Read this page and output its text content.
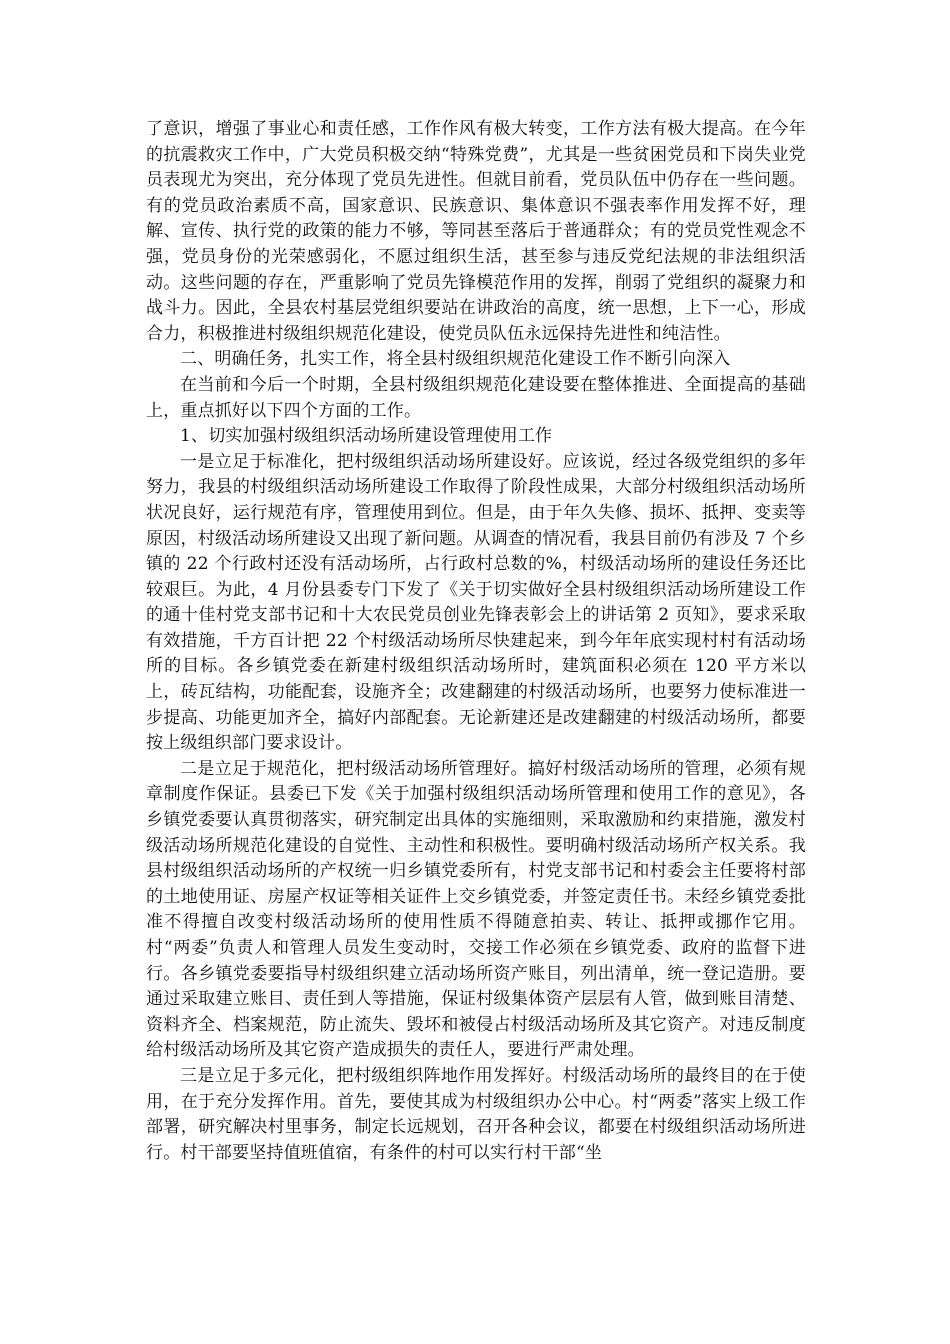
了意识，增强了事业心和责任感，工作作风有极大转变，工作方法有极大提高。在今年的抗震救灾工作中，广大党员积极交纳“特殊党费”，尤其是一些贫困党员和下岗失业党员表现尤为突出，充分体现了党员先进性。但就目前看，党员队伍中仍存在一些问题。有的党员政治素质不高，国家意识、民族意识、集体意识不强表率作用发挥不好，理解、宣传、执行党的政策的能力不够，等同甚至落后于普通群众；有的党员党性观念不强，党员身份的光荣感弱化，不愿过组织生活，甚至参与违反党纪法规的非法组织活动。这些问题的存在，严重影响了党员先锋模范作用的发挥，削弱了党组织的凝聚力和战斗力。因此，全县农村基层党组织要站在讲政治的高度，统一思想，上下一心，形成合力，积极推进村级组织规范化建设，使党员队伍永远保持先进性和纯洁性。

二、明确任务，扎实工作，将全县村级组织规范化建设工作不断引向深入

在当前和今后一个时期，全县村级组织规范化建设要在整体推进、全面提高的基础上，重点抓好以下四个方面的工作。

1、切实加强村级组织活动场所建设管理使用工作

一是立足于标准化，把村级组织活动场所建设好。应该说，经过各级党组织的多年努力，我县的村级组织活动场所建设工作取得了阶段性成果，大部分村级组织活动场所状况良好，运行规范有序，管理使用到位。但是，由于年久失修、损坏、抵押、变卖等原因，村级活动场所建设又出现了新问题。从调查的情况看，我县目前仍有涉及 7 个乡镇的 22 个行政村还没有活动场所，占行政村总数的%，村级活动场所的建设任务还比较艰巨。为此，4 月份县委专门下发了《关于切实做好全县村级组织活动场所建设工作的通十佳村党支部书记和十大农民党员创业先锋表彰会上的讲话第 2 页知》，要求采取有效措施，千方百计把 22 个村级活动场所尽快建起来，到今年年底实现村村有活动场所的目标。各乡镇党委在新建村级组织活动场所时，建筑面积必须在 120 平方米以上，砖瓦结构，功能配套，设施齐全；改建翻建的村级活动场所，也要努力使标准进一步提高、功能更加齐全，搞好内部配套。无论新建还是改建翻建的村级活动场所，都要按上级组织部门要求设计。

二是立足于规范化，把村级活动场所管理好。搞好村级活动场所的管理，必须有规章制度作保证。县委已下发《关于加强村级组织活动场所管理和使用工作的意见》，各乡镇党委要认真贯彻落实，研究制定出具体的实施细则，采取激励和约束措施，激发村级活动场所规范化建设的自觉性、主动性和积极性。要明确村级活动场所产权关系。我县村级组织活动场所的产权统一归乡镇党委所有，村党支部书记和村委会主任要将村部的土地使用证、房屋产权证等相关证件上交乡镇党委，并签定责任书。未经乡镇党委批准不得擅自改变村级活动场所的使用性质不得随意拍卖、转让、抵押或挪作它用。村“两委”负责人和管理人员发生变动时，交接工作必须在乡镇党委、政府的监督下进行。各乡镇党委要指导村级组织建立活动场所资产账目，列出清单，统一登记造册。要通过采取建立账目、责任到人等措施，保证村级集体资产层层有人管，做到账目清楚、资料齐全、档案规范，防止流失、毁坏和被侵占村级活动场所及其它资产。对违反制度给村级活动场所及其它资产造成损失的责任人，要进行严肃处理。

三是立足于多元化，把村级组织阵地作用发挥好。村级活动场所的最终目的在于使用，在于充分发挥作用。首先，要使其成为村级组织办公中心。村“两委”落实上级工作部署，研究解决村里事务，制定长远规划，召开各种会议，都要在村级组织活动场所进行。村干部要坚持值班值宿，有条件的村可以实行村干部“坐
